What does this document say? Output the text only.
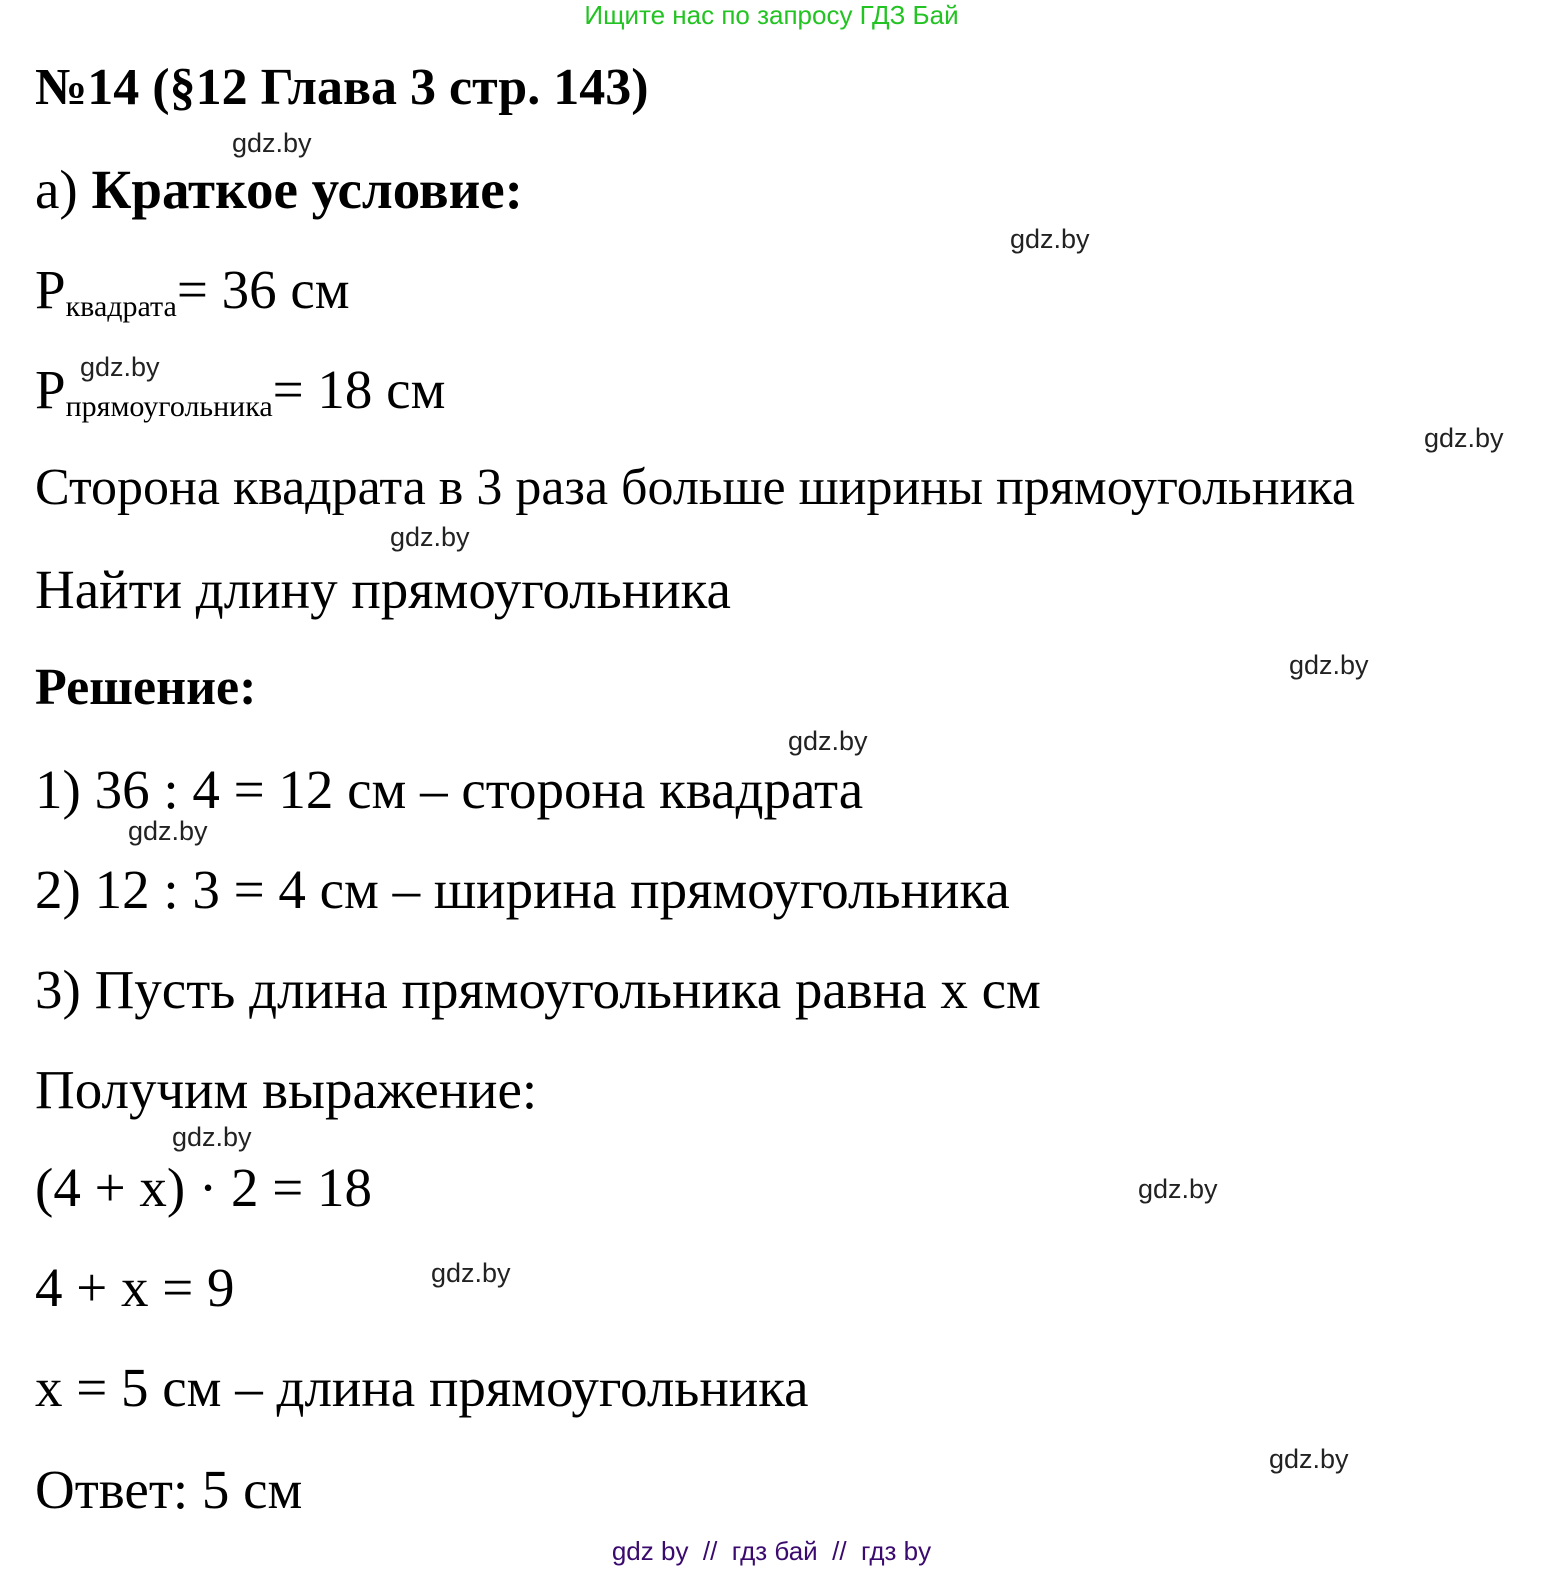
Ищите нас по запросу ГДЗ Бай
№14 (§12 Глава 3 стр. 143)
а) Краткое условие:
$P_{квадрата}= 36$ см
$P_{прямоугольника}= 18$ см
Сторона квадрата в 3 раза больше ширины прямоугольника
Найти длину прямоугольника
Решение:
1) 36 : 4 = 12 см – сторона квадрата
2) 12 : 3 = 4 см – ширина прямоугольника
3) Пусть длина прямоугольника равна x см
Получим выражение:
(4 + x) · 2 = 18
4 + x = 9
x = 5 см – длина прямоугольника
Ответ: 5 см
gdz.by
gdz.by
gdz.by
gdz.by
gdz.by
gdz.by
gdz.by
gdz.by
gdz.by
gdz.by
gdz.by
gdz.by
gdz by  //  гдз бай  //  гдз by
